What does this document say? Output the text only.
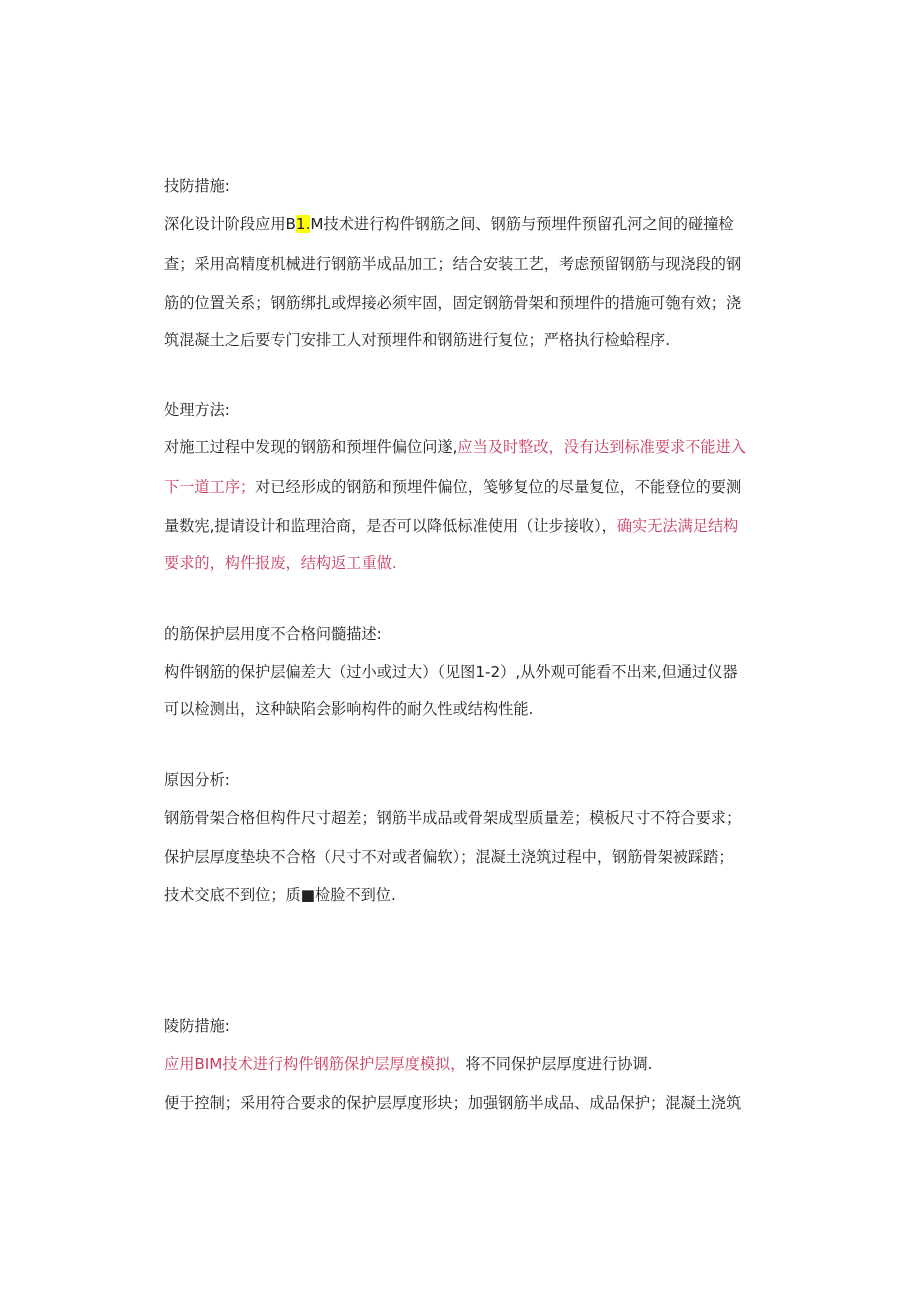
技防措施:
深化设计阶段应用B1.M技术进行构件钢筋之间、钢筋与预埋件预留孔河之间的碰撞检
查；采用高精度机械进行钢筋半成品加工；结合安装工艺，考虑预留钢筋与现浇段的钢
筋的位置关系；钢筋绑扎或焊接必须牢固，固定钢筋骨架和预埋件的措施可匏有效；浇
筑混凝土之后要专门安排工人对预埋件和钢筋进行复位；严格执行检蛤程序.
处理方法:
对施工过程中发现的钢筋和预埋件偏位问遂,应当及时整改，没有达到标准要求不能进入
下一道工序；对已经形成的钢筋和预埋件偏位，笺够复位的尽量复位，不能登位的要测
量数宪,提请设计和监理洽商，是否可以降低标准使用（让步接收），确实无法满足结构
要求的，构件报废，结构返工重做.
的筋保护层用度不合格问髓描述:
构件钢筋的保护层偏差大（过小或过大）（见图1-2）,从外观可能看不出来,但通过仪器
可以检测出，这种缺陷会影响构件的耐久性或结构性能.
原因分析:
钢筋骨架合格但构件尺寸超差；钢筋半成品或骨架成型质量差；模板尺寸不符合要求；
保护层厚度垫块不合格（尺寸不对或者偏软）；混凝土浇筑过程中，钢筋骨架被踩踏；
技术交底不到位；质■检脸不到位.
陵防措施:
应用BIM技术进行构件钢筋保护层厚度模拟，将不同保护层厚度进行协调.
便于控制；采用符合要求的保护层厚度形块；加强钢筋半成品、成品保护；混凝土浇筑
